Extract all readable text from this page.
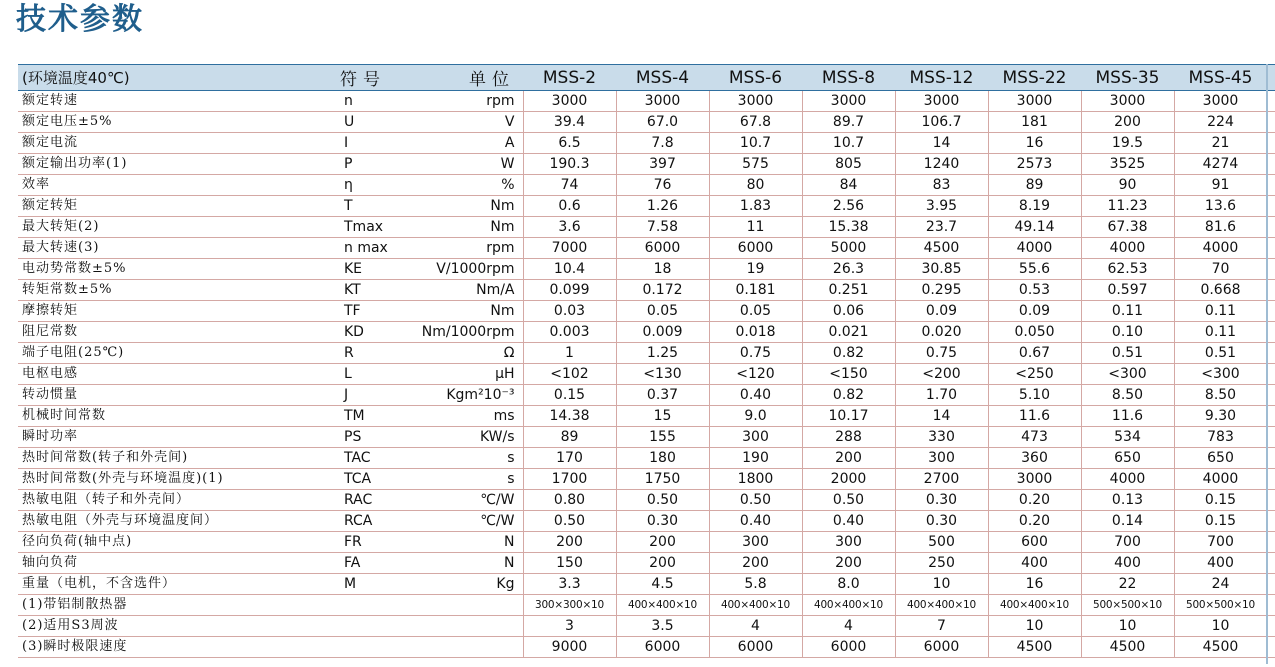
技术参数
(环境温度40℃)	符号	单位	MSS-2	MSS-4	MSS-6	MSS-8	MSS-12	MSS-22	MSS-35	MSS-45	
额定转速	n	rpm	3000	3000	3000	3000	3000	3000	3000	3000	
额定电压±5%	U	V	39.4	67.0	67.8	89.7	106.7	181	200	224	
额定电流	I	A	6.5	7.8	10.7	10.7	14	16	19.5	21	
额定输出功率(1)	P	W	190.3	397	575	805	1240	2573	3525	4274	
效率	η	%	74	76	80	84	83	89	90	91	
额定转矩	T	Nm	0.6	1.26	1.83	2.56	3.95	8.19	11.23	13.6	
最大转矩(2)	Tmax	Nm	3.6	7.58	11	15.38	23.7	49.14	67.38	81.6	
最大转速(3)	n max	rpm	7000	6000	6000	5000	4500	4000	4000	4000	
电动势常数±5%	KE	V/1000rpm	10.4	18	19	26.3	30.85	55.6	62.53	70	
转矩常数±5%	KT	Nm/A	0.099	0.172	0.181	0.251	0.295	0.53	0.597	0.668	
摩擦转矩	TF	Nm	0.03	0.05	0.05	0.06	0.09	0.09	0.11	0.11	
阻尼常数	KD	Nm/1000rpm	0.003	0.009	0.018	0.021	0.020	0.050	0.10	0.11	
端子电阻(25℃)	R	Ω	1	1.25	0.75	0.82	0.75	0.67	0.51	0.51	
电枢电感	L	μH	<102	<130	<120	<150	<200	<250	<300	<300	
转动惯量	J	Kgm²10⁻³	0.15	0.37	0.40	0.82	1.70	5.10	8.50	8.50	
机械时间常数	TM	ms	14.38	15	9.0	10.17	14	11.6	11.6	9.30	
瞬时功率	PS	KW/s	89	155	300	288	330	473	534	783	
热时间常数(转子和外壳间)	TAC	s	170	180	190	200	300	360	650	650	
热时间常数(外壳与环境温度)(1)	TCA	s	1700	1750	1800	2000	2700	3000	4000	4000	
热敏电阻（转子和外壳间）	RAC	℃/W	0.80	0.50	0.50	0.50	0.30	0.20	0.13	0.15	
热敏电阻（外壳与环境温度间）	RCA	℃/W	0.50	0.30	0.40	0.40	0.30	0.20	0.14	0.15	
径向负荷(轴中点)	FR	N	200	200	300	300	500	600	700	700	
轴向负荷	FA	N	150	200	200	200	250	400	400	400	
重量（电机，不含选件）	M	Kg	3.3	4.5	5.8	8.0	10	16	22	24	
(1)带铝制散热器			300×300×10	400×400×10	400×400×10	400×400×10	400×400×10	400×400×10	500×500×10	500×500×10	
(2)适用S3周波			3	3.5	4	4	7	10	10	10	
(3)瞬时极限速度			9000	6000	6000	6000	6000	4500	4500	4500	
